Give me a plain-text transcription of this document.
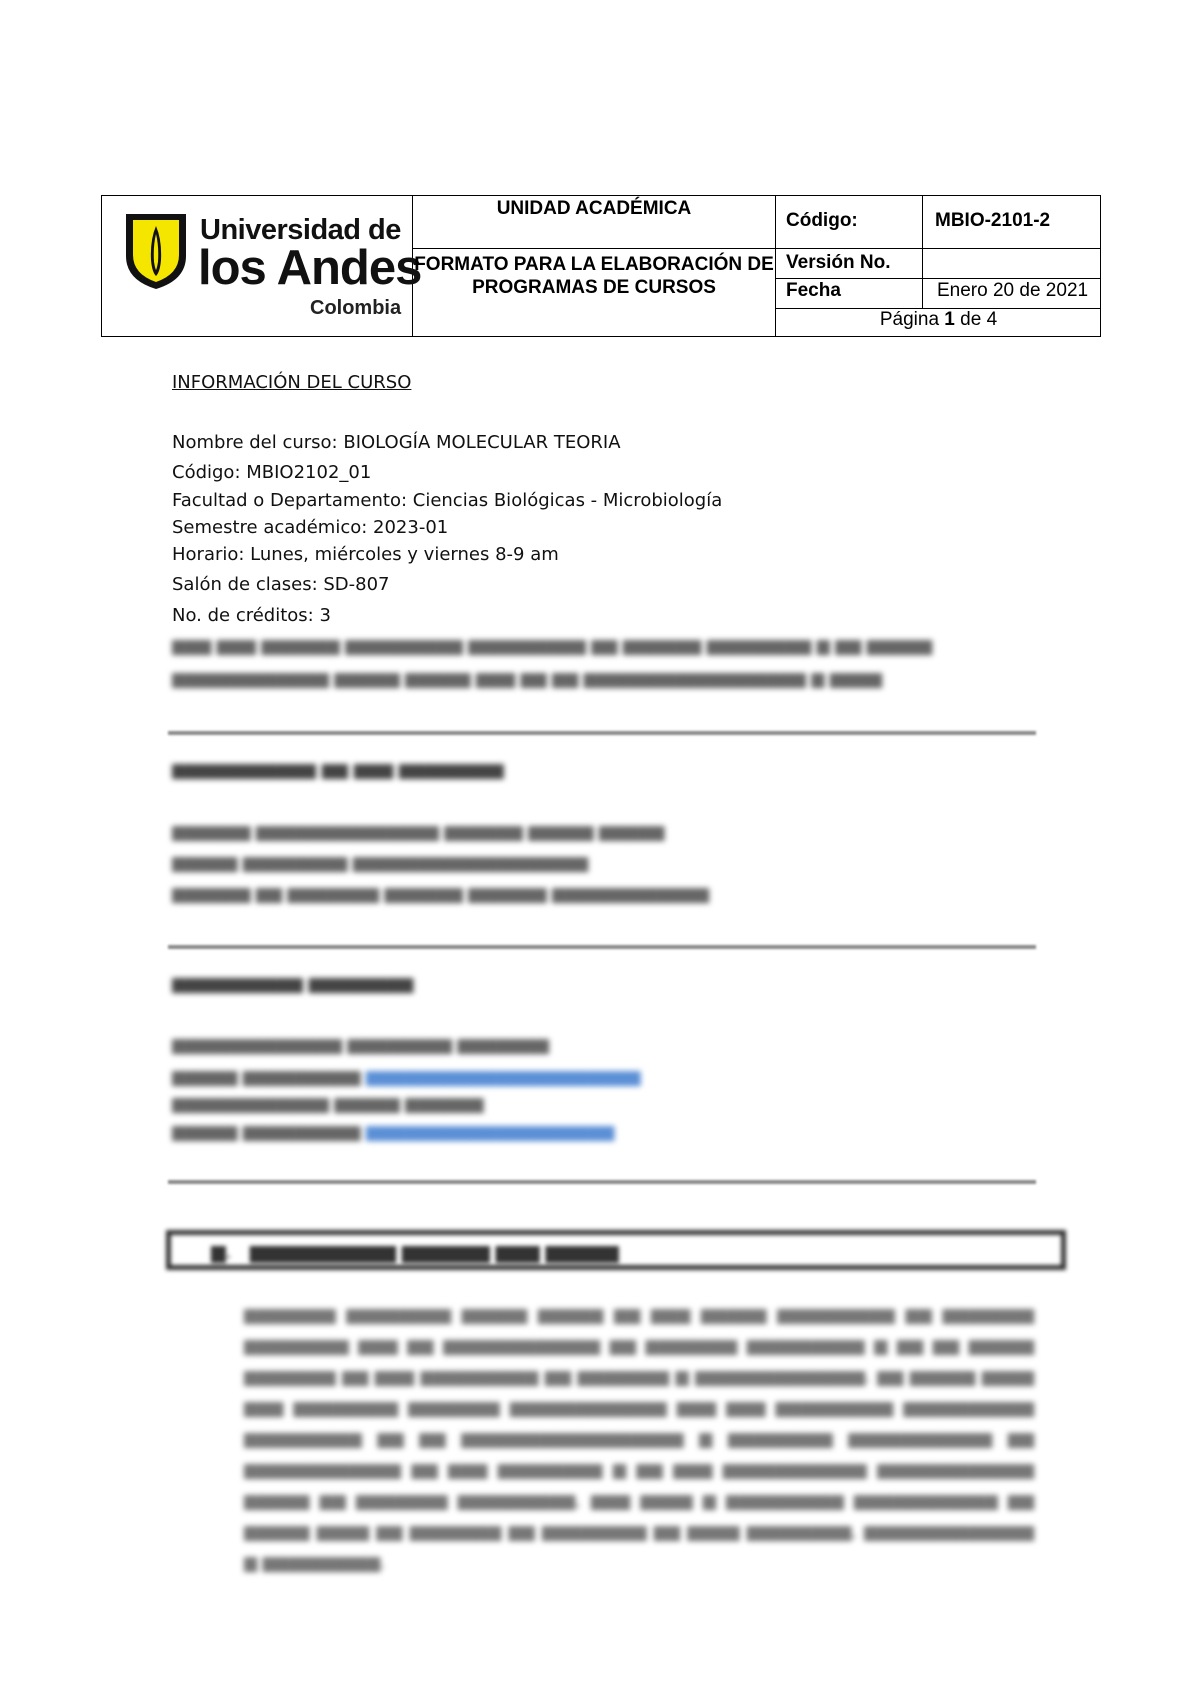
Universidad de
los Andes
Colombia
UNIDAD ACADÉMICA
FORMATO PARA LA ELABORACIÓN DE PROGRAMAS DE CURSOS
Código:	MBIO-2101-2
Versión No.
Fecha	Enero 20 de 2021
Página 1 de 4
INFORMACIÓN DEL CURSO
Nombre del curso: BIOLOGÍA MOLECULAR TEORIA
Código: MBIO2102_01
Facultad o Departamento: Ciencias Biológicas - Microbiología
Semestre académico: 2023-01
Horario: Lunes, miércoles y viernes 8-9 am
Salón de clases: SD-807
No. de créditos: 3
▆▆▆ ▆▆▆ ▆▆▆▆▆▆ ▆▆▆▆▆▆▆▆▆ ▆▆▆▆▆▆▆▆▆ ▆▆ ▆▆▆▆▆▆ ▆▆▆▆▆▆▆▆ ▆ ▆▆ ▆▆▆▆▆
▆▆▆▆▆▆▆▆▆▆▆▆ ▆▆▆▆▆ ▆▆▆▆▆ ▆▆▆ ▆▆ ▆▆ ▆▆▆▆▆▆▆▆▆▆▆▆▆▆▆▆▆ ▆ ▆▆▆▆
▆▆▆▆▆▆▆▆▆▆▆ ▆▆ ▆▆▆ ▆▆▆▆▆▆▆▆
▆▆▆▆▆▆ ▆▆▆▆▆▆▆▆▆▆▆▆▆▆ ▆▆▆▆▆▆ ▆▆▆▆▆ ▆▆▆▆▆
▆▆▆▆▆ ▆▆▆▆▆▆▆▆ ▆▆▆▆▆▆▆▆▆▆▆▆▆▆▆▆▆▆
▆▆▆▆▆▆ ▆▆ ▆▆▆▆▆▆▆ ▆▆▆▆▆▆ ▆▆▆▆▆▆ ▆▆▆▆▆▆▆▆▆▆▆▆
▆▆▆▆▆▆▆▆▆▆ ▆▆▆▆▆▆▆▆
▆▆▆▆▆▆▆▆▆▆▆▆▆ ▆▆▆▆▆▆▆▆ ▆▆▆▆▆▆▆
▆▆▆▆▆ ▆▆▆▆▆▆▆▆▆ ▆▆▆▆▆▆▆▆▆▆▆▆▆▆▆▆▆▆▆▆▆
▆▆▆▆▆▆▆▆▆▆▆▆ ▆▆▆▆▆ ▆▆▆▆▆▆
▆▆▆▆▆ ▆▆▆▆▆▆▆▆▆ ▆▆▆▆▆▆▆▆▆▆▆▆▆▆▆▆▆▆▆
▆.   ▆▆▆▆▆▆▆▆▆▆ ▆▆▆▆▆▆ ▆▆▆ ▆▆▆▆▆
▆▆▆▆▆▆▆ ▆▆▆▆▆▆▆▆ ▆▆▆▆▆ ▆▆▆▆▆ ▆▆ ▆▆▆ ▆▆▆▆▆ ▆▆▆▆▆▆▆▆▆ ▆▆ ▆▆▆▆▆▆▆ ▆▆▆▆▆▆▆▆ ▆▆▆ ▆▆ ▆▆▆▆▆▆▆▆▆▆▆▆ ▆▆ ▆▆▆▆▆▆▆ ▆▆▆▆▆▆▆▆▆ ▆ ▆▆ ▆▆ ▆▆▆▆▆ ▆▆▆▆▆▆▆ ▆▆ ▆▆▆ ▆▆▆▆▆▆▆▆▆ ▆▆ ▆▆▆▆▆▆▆ ▆ ▆▆▆▆▆▆▆▆▆▆▆▆▆. ▆▆ ▆▆▆▆▆ ▆▆▆▆ ▆▆▆ ▆▆▆▆▆▆▆▆ ▆▆▆▆▆▆▆ ▆▆▆▆▆▆▆▆▆▆▆▆ ▆▆▆ ▆▆▆ ▆▆▆▆▆▆▆▆▆ ▆▆▆▆▆▆▆▆▆▆ ▆▆▆▆▆▆▆▆▆ ▆▆ ▆▆ ▆▆▆▆▆▆▆▆▆▆▆▆▆▆▆▆▆ ▆ ▆▆▆▆▆▆▆▆ ▆▆▆▆▆▆▆▆▆▆▆ ▆▆ ▆▆▆▆▆▆▆▆▆▆▆▆ ▆▆ ▆▆▆ ▆▆▆▆▆▆▆▆ ▆ ▆▆ ▆▆▆ ▆▆▆▆▆▆▆▆▆▆▆ ▆▆▆▆▆▆▆▆▆▆▆▆ ▆▆▆▆▆ ▆▆ ▆▆▆▆▆▆▆ ▆▆▆▆▆▆▆▆▆, ▆▆▆ ▆▆▆▆ ▆ ▆▆▆▆▆▆▆▆▆ ▆▆▆▆▆▆▆▆▆▆▆ ▆▆ ▆▆▆▆▆ ▆▆▆▆ ▆▆ ▆▆▆▆▆▆▆ ▆▆ ▆▆▆▆▆▆▆▆ ▆▆ ▆▆▆▆ ▆▆▆▆▆▆▆▆, ▆▆▆▆▆▆▆▆▆▆▆▆▆ ▆ ▆▆▆▆▆▆▆▆▆.
